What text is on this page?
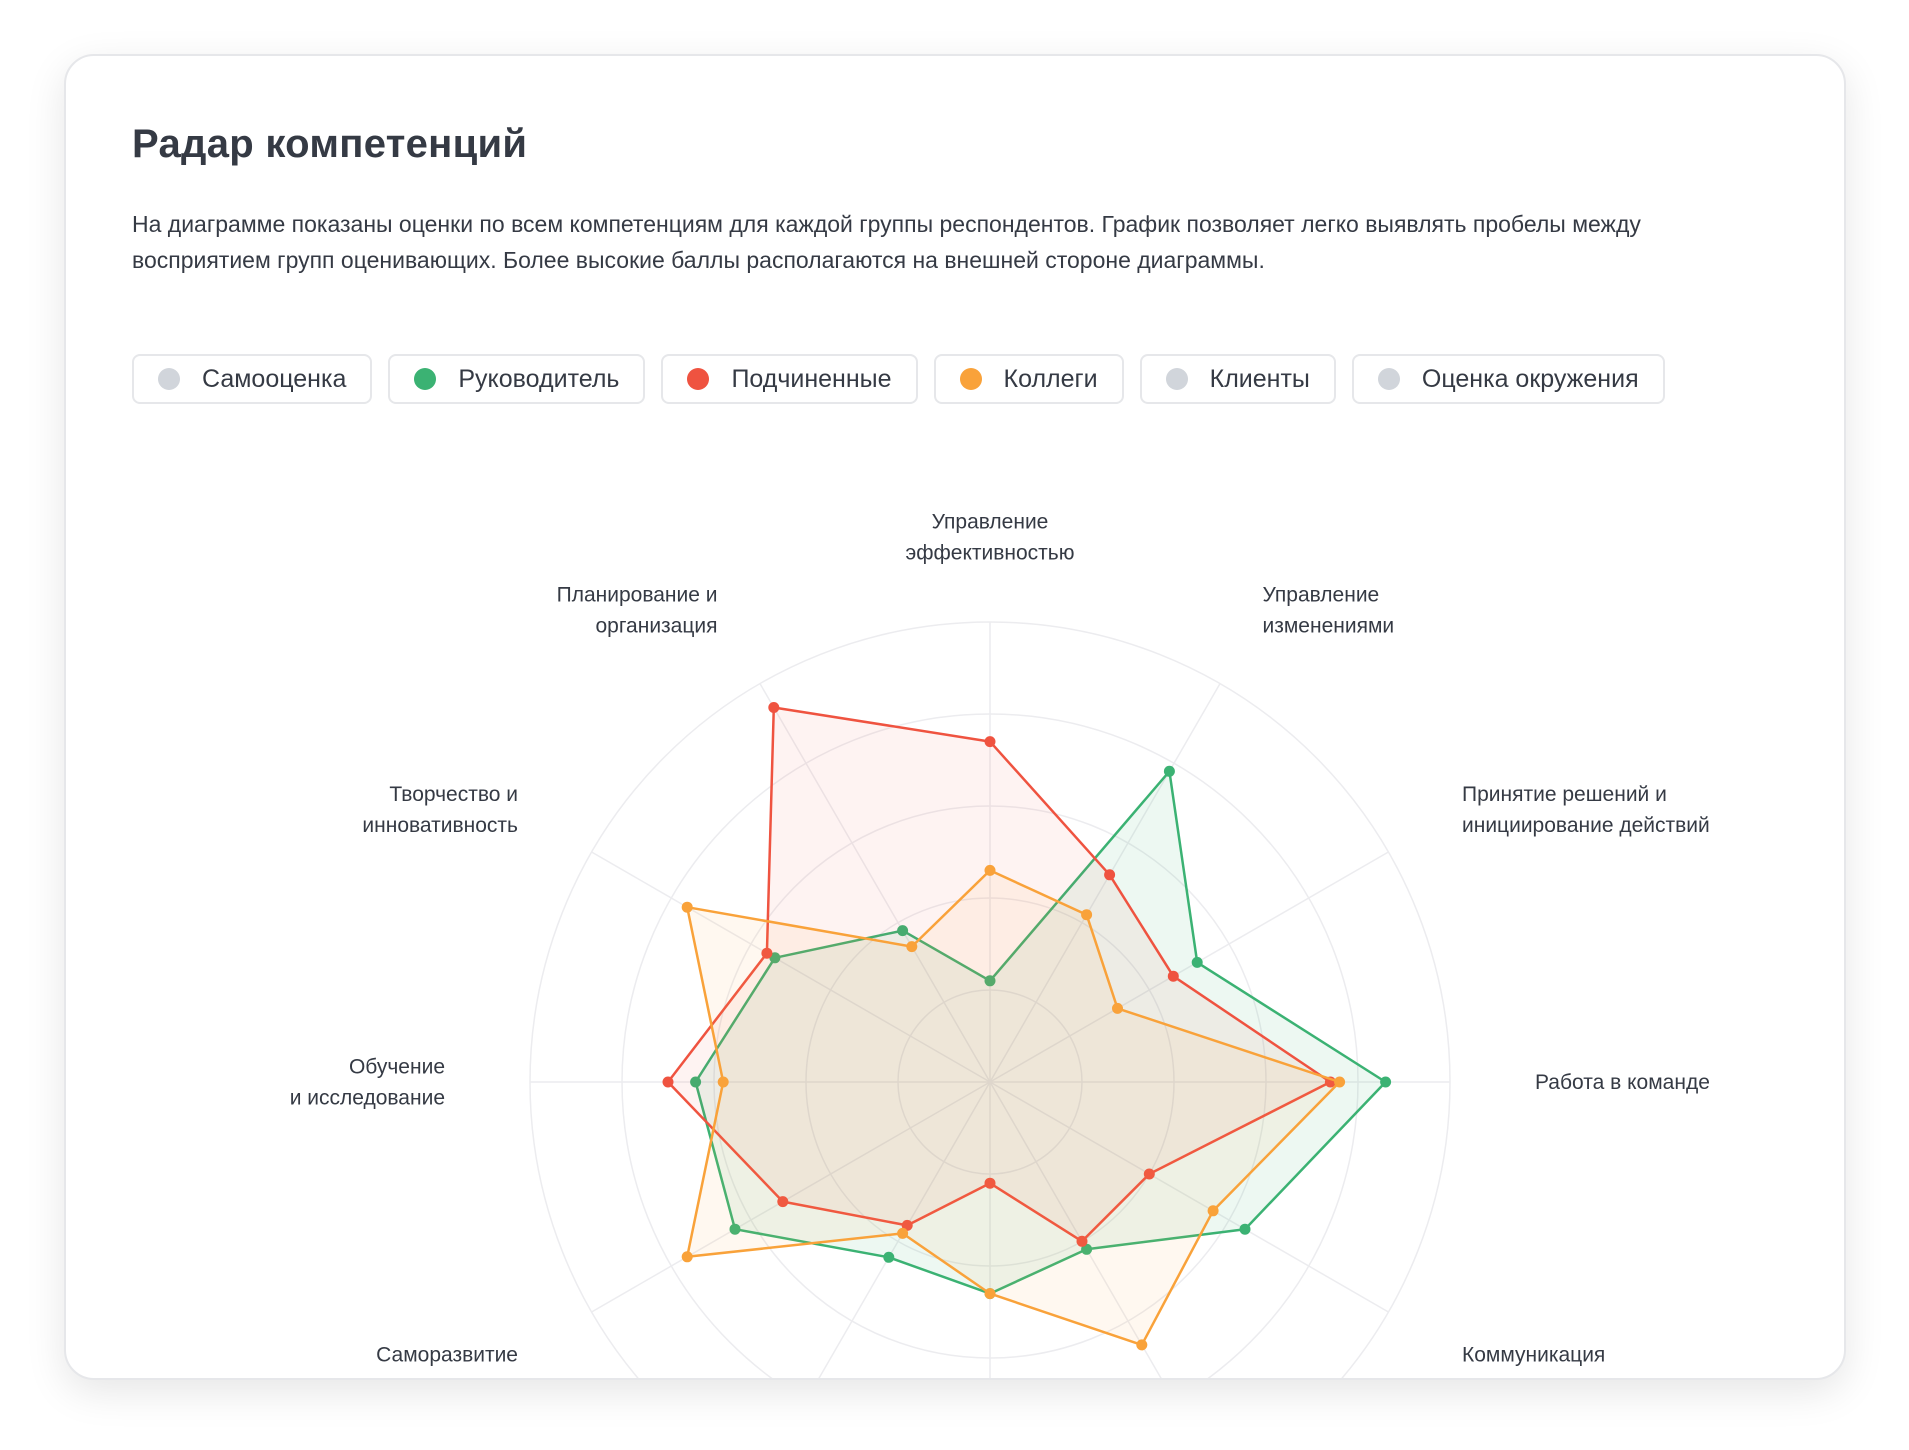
Радар компетенций

На диаграмме показаны оценки по всем компетенциям для каждой группы респондентов. График позволяет легко выявлять пробелы между восприятием групп оценивающих. Более высокие баллы располагаются на внешней стороне диаграммы.

Самооценка	Руководитель	Подчиненные	Коллеги	Клиенты	Оценка окружения
Управление эффективностью
Управление изменениями
Принятие решений и инициирование действий
Работа в команде
Коммуникация
Саморазвитие
Обучение и исследование
Творчество и инновативность
Планирование и организация
